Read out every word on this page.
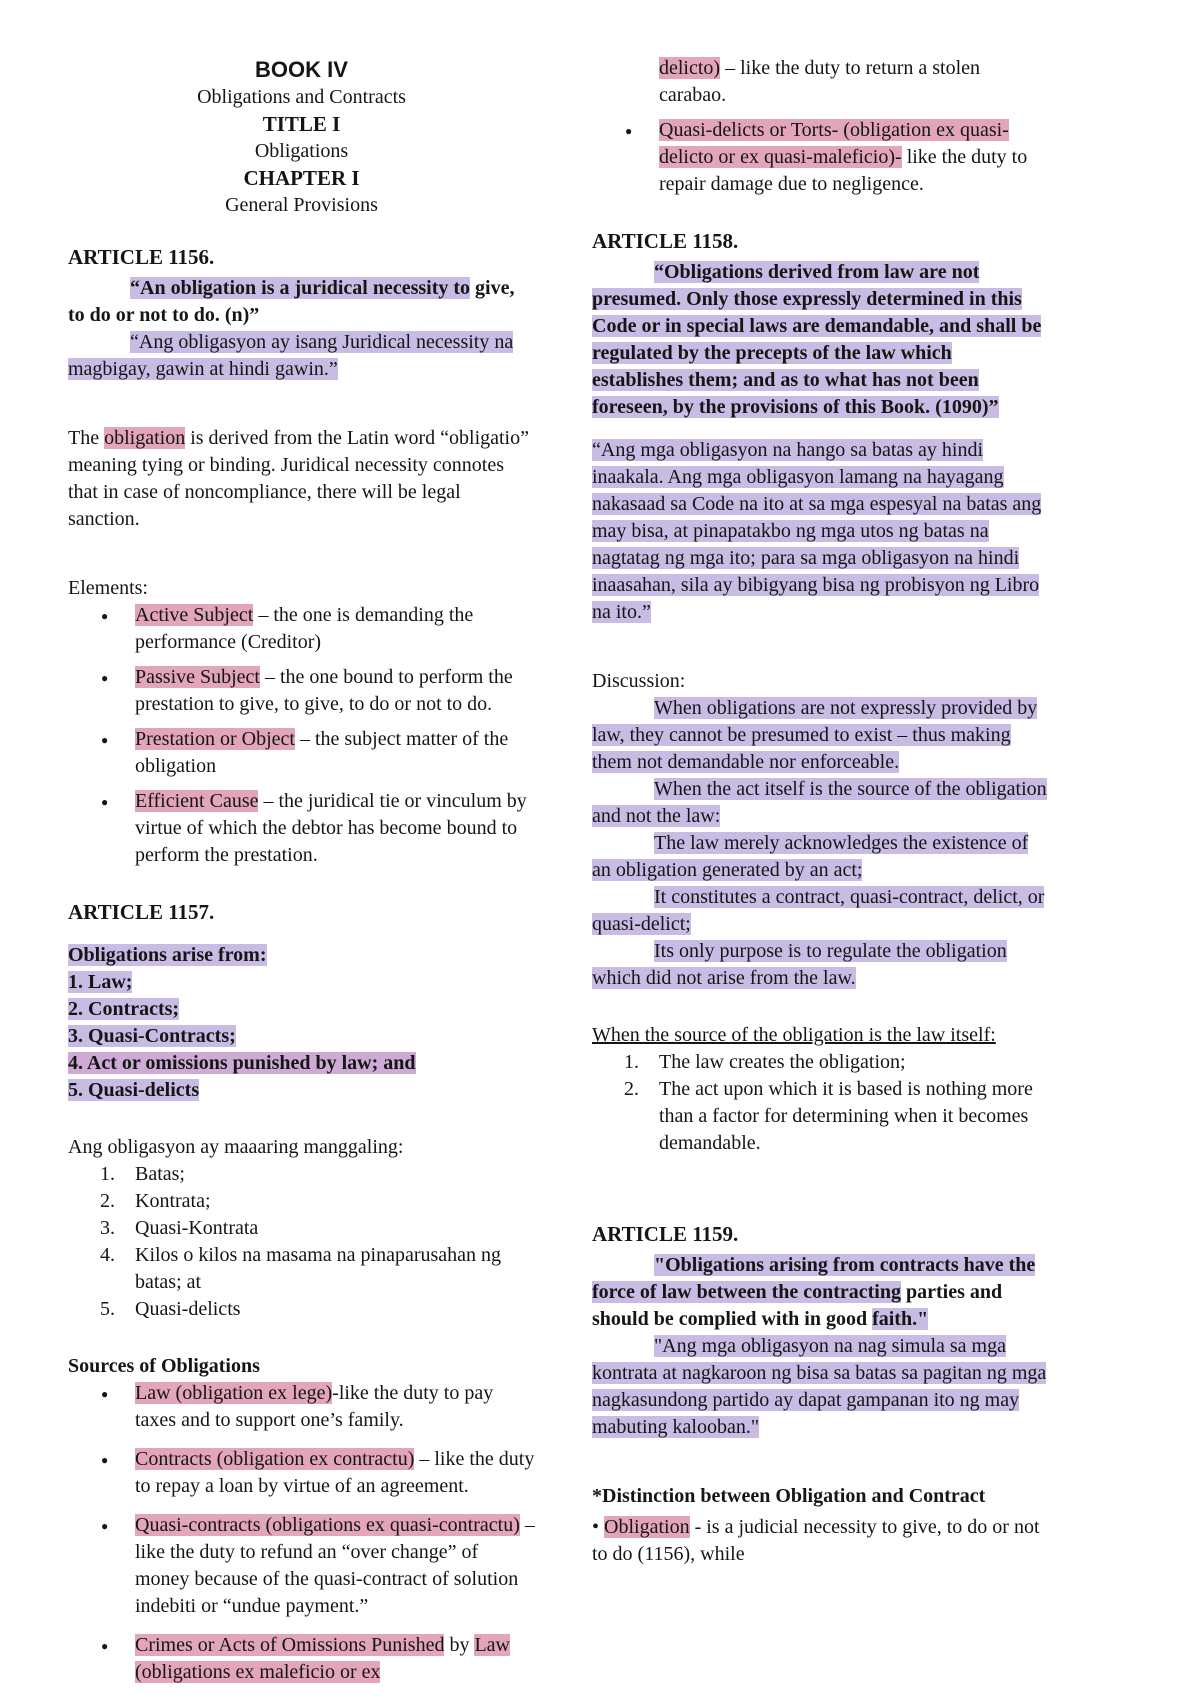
BOOK IV
Obligations and Contracts
TITLE I
Obligations
CHAPTER I
General Provisions

ARTICLE 1156.

“An obligation is a juridical necessity to give, to do or not to do. (n)”

“Ang obligasyon ay isang Juridical necessity na magbigay, gawin at hindi gawin.”

The obligation is derived from the Latin word “obligatio” meaning tying or binding. Juridical necessity connotes that in case of noncompliance, there will be legal sanction.

Elements:

● Active Subject – the one is demanding the performance (Creditor)
● Passive Subject – the one bound to perform the prestation to give, to give, to do or not to do.
● Prestation or Object – the subject matter of the obligation
● Efficient Cause – the juridical tie or vinculum by virtue of which the debtor has become bound to perform the prestation.

ARTICLE 1157.

Obligations arise from:
1. Law;
2. Contracts;
3. Quasi-Contracts;
4. Act or omissions punished by law; and
5. Quasi-delicts

Ang obligasyon ay maaaring manggaling:

1. Batas;
2. Kontrata;
3. Quasi-Kontrata
4. Kilos o kilos na masama na pinaparusahan ng batas; at
5. Quasi-delicts

Sources of Obligations

● Law (obligation ex lege)-like the duty to pay taxes and to support one’s family.
● Contracts (obligation ex contractu) – like the duty to repay a loan by virtue of an agreement.
● Quasi-contracts (obligations ex quasi-contractu) – like the duty to refund an “over change” of money because of the quasi-contract of solution indebiti or “undue payment.”
● Crimes or Acts of Omissions Punished by Law (obligations ex maleficio or ex
delicto) – like the duty to return a stolen carabao.
● Quasi-delicts or Torts- (obligation ex quasi-delicto or ex quasi-maleficio)- like the duty to repair damage due to negligence.

ARTICLE 1158.

“Obligations derived from law are not presumed. Only those expressly determined in this Code or in special laws are demandable, and shall be regulated by the precepts of the law which establishes them; and as to what has not been foreseen, by the provisions of this Book. (1090)”

“Ang mga obligasyon na hango sa batas ay hindi inaakala. Ang mga obligasyon lamang na hayagang nakasaad sa Code na ito at sa mga espesyal na batas ang may bisa, at pinapatakbo ng mga utos ng batas na nagtatag ng mga ito; para sa mga obligasyon na hindi inaasahan, sila ay bibigyang bisa ng probisyon ng Libro na ito.”

Discussion:

When obligations are not expressly provided by law, they cannot be presumed to exist – thus making them not demandable nor enforceable.

When the act itself is the source of the obligation and not the law:

The law merely acknowledges the existence of an obligation generated by an act;

It constitutes a contract, quasi-contract, delict, or quasi-delict;

Its only purpose is to regulate the obligation which did not arise from the law.

When the source of the obligation is the law itself:

1. The law creates the obligation;
2. The act upon which it is based is nothing more than a factor for determining when it becomes demandable.

ARTICLE 1159.

"Obligations arising from contracts have the force of law between the contracting parties and should be complied with in good faith."

"Ang mga obligasyon na nag simula sa mga kontrata at nagkaroon ng bisa sa batas sa pagitan ng mga nagkasundong partido ay dapat gampanan ito ng may mabuting kalooban."

*Distinction between Obligation and Contract

• Obligation - is a judicial necessity to give, to do or not to do (1156), while
